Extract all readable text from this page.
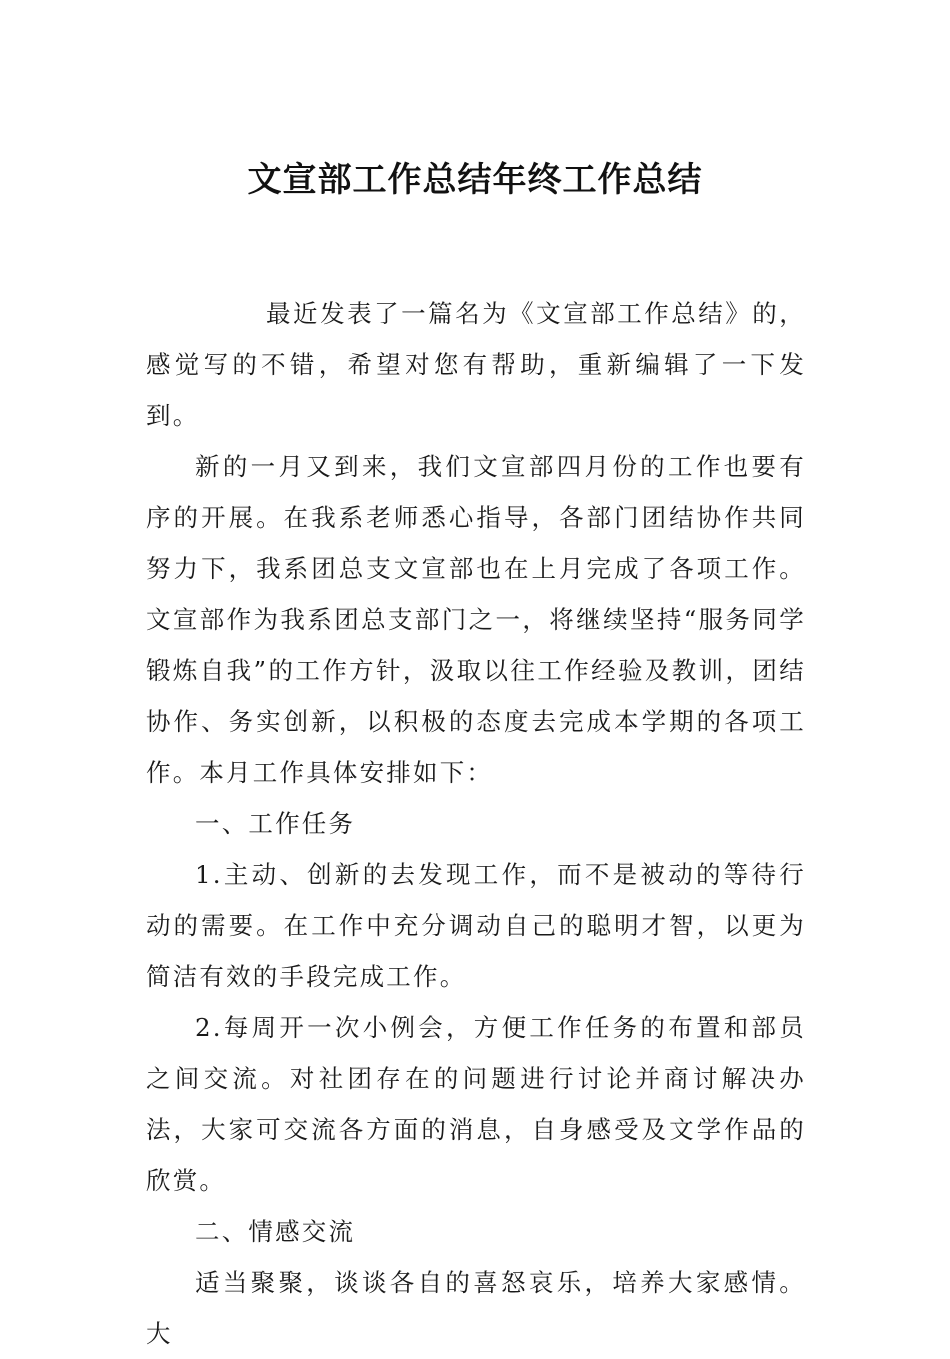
文宣部工作总结年终工作总结

最近发表了一篇名为《文宣部工作总结》的，感觉写的不错，希望对您有帮助，重新编辑了一下发到。

新的一月又到来，我们文宣部四月份的工作也要有序的开展。在我系老师悉心指导，各部门团结协作共同努力下，我系团总支文宣部也在上月完成了各项工作。文宣部作为我系团总支部门之一，将继续坚持“服务同学锻炼自我”的工作方针，汲取以往工作经验及教训，团结协作、务实创新，以积极的态度去完成本学期的各项工作。本月工作具体安排如下：

一、工作任务

1.主动、创新的去发现工作，而不是被动的等待行动的需要。在工作中充分调动自己的聪明才智，以更为简洁有效的手段完成工作。

2.每周开一次小例会，方便工作任务的布置和部员之间交流。对社团存在的问题进行讨论并商讨解决办法，大家可交流各方面的消息，自身感受及文学作品的欣赏。

二、情感交流

适当聚聚，谈谈各自的喜怒哀乐，培养大家感情。大
